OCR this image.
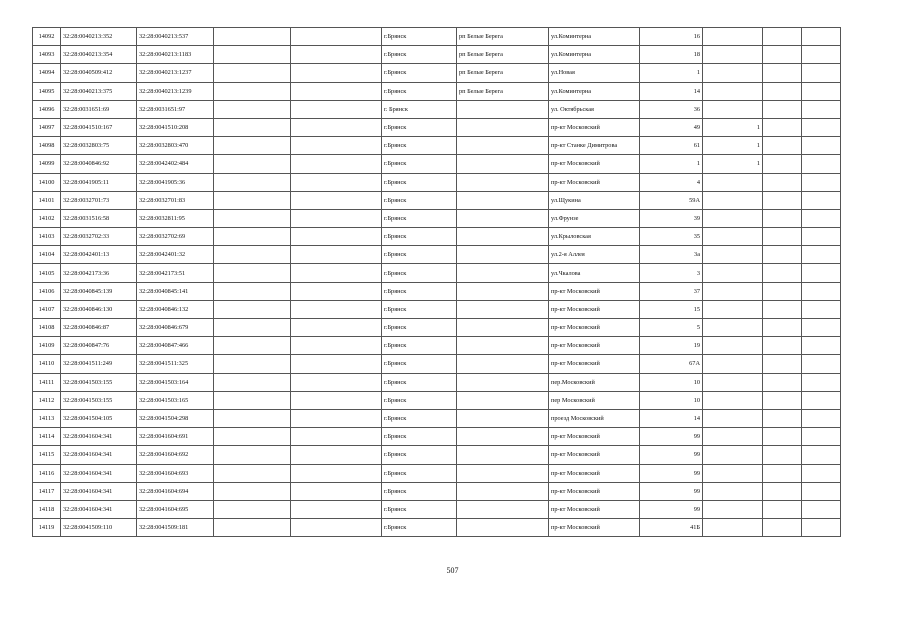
14092	32:28:0040213:352	32:28:0040213:537			г.Брянск	рп Белые Берега	ул.Коминтерна	16			
14093	32:28:0040213:354	32:28:0040213:1183			г.Брянск	рп Белые Берега	ул.Коминтерна	18			
14094	32:28:0040509:412	32:28:0040213:1237			г.Брянск	рп Белые Берега	ул.Новая	1			
14095	32:28:0040213:375	32:28:0040213:1239			г.Брянск	рп Белые Берега	ул.Коминтерна	14			
14096	32:28:0031651:69	32:28:0031651:97			г. Брянск		ул. Октябрьская	36			
14097	32:28:0041510:167	32:28:0041510:208			г.Брянск		пр-кт Московский	49	1		
14098	32:28:0032803:75	32:28:0032803:470			г.Брянск		пр-кт Станке Димитрова	61	1		
14099	32:28:0040846:92	32:28:0042402:484			г.Брянск		пр-кт Московский	1	1		
14100	32:28:0041905:11	32:28:0041905:36			г.Брянск		пр-кт Московский	4			
14101	32:28:0032701:73	32:28:0032701:83			г.Брянск		ул.Щукина	59А			
14102	32:28:0031516:58	32:28:0032811:95			г.Брянск		ул.Фрунзе	39			
14103	32:28:0032702:33	32:28:0032702:69			г.Брянск		ул.Крыловская	35			
14104	32:28:0042401:13	32:28:0042401:32			г.Брянск		ул.2-я Аллея	3а			
14105	32:28:0042173:36	32:28:0042173:51			г.Брянск		ул.Чкалова	3			
14106	32:28:0040845:139	32:28:0040845:141			г.Брянск		пр-кт Московский	37			
14107	32:28:0040846:130	32:28:0040846:132			г.Брянск		пр-кт Московский	15			
14108	32:28:0040846:87	32:28:0040846:679			г.Брянск		пр-кт Московский	5			
14109	32:28:0040847:76	32:28:0040847:466			г.Брянск		пр-кт Московский	19			
14110	32:28:0041511:249	32:28:0041511:325			г.Брянск		пр-кт Московский	67А			
14111	32:28:0041503:155	32:28:0041503:164			г.Брянск		пер.Московский	10			
14112	32:28:0041503:155	32:28:0041503:165			г.Брянск		пер Московский	10			
14113	32:28:0041504:105	32:28:0041504:298			г.Брянск		проезд Московский	14			
14114	32:28:0041604:341	32:28:0041604:691			г.Брянск		пр-кт Московский	99			
14115	32:28:0041604:341	32:28:0041604:692			г.Брянск		пр-кт Московский	99			
14116	32:28:0041604:341	32:28:0041604:693			г.Брянск		пр-кт Московский	99			
14117	32:28:0041604:341	32:28:0041604:694			г.Брянск		пр-кт Московский	99			
14118	32:28:0041604:341	32:28:0041604:695			г.Брянск		пр-кт Московский	99			
14119	32:28:0041509:110	32:28:0041509:181			г.Брянск		пр-кт Московский	41Б			
507
